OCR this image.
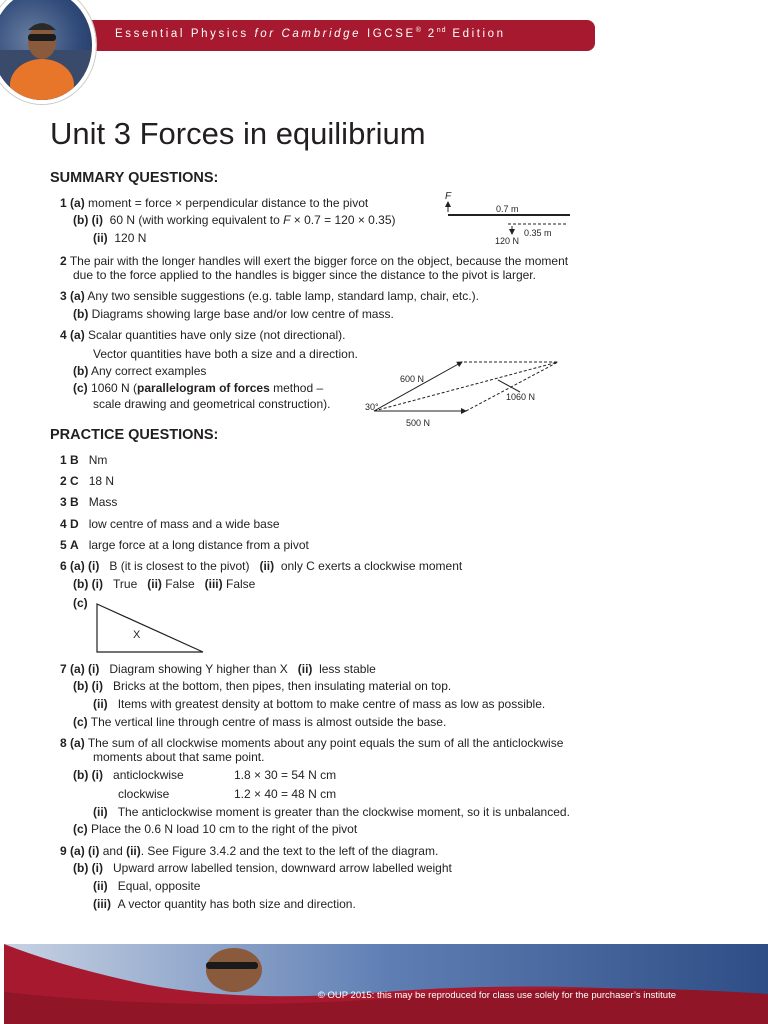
Essential Physics for Cambridge IGCSE® 2nd Edition
Unit 3 Forces in equilibrium
SUMMARY QUESTIONS:
1 (a) moment = force × perpendicular distance to the pivot
(b) (i) 60 N (with working equivalent to F × 0.7 = 120 × 0.35)
(ii) 120 N
F
0.7 m
0.35 m
120 N
2 The pair with the longer handles will exert the bigger force on the object, because the moment
due to the force applied to the handles is bigger since the distance to the pivot is larger.
3 (a) Any two sensible suggestions (e.g. table lamp, standard lamp, chair, etc.).
(b) Diagrams showing large base and/or low centre of mass.
4 (a) Scalar quantities have only size (not directional).
Vector quantities have both a size and a direction.
(b) Any correct examples
(c) 1060 N (parallelogram of forces method –
scale drawing and geometrical construction).
600 N
500 N
30°
1060 N
PRACTICE QUESTIONS:
1 B Nm
2 C 18 N
3 B Mass
4 D low centre of mass and a wide base
5 A large force at a long distance from a pivot
6 (a) (i) B (it is closest to the pivot) (ii) only C exerts a clockwise moment
(b) (i) True (ii) False (iii) False
(c)
X
7 (a) (i) Diagram showing Y higher than X (ii) less stable
(b) (i) Bricks at the bottom, then pipes, then insulating material on top.
(ii) Items with greatest density at bottom to make centre of mass as low as possible.
(c) The vertical line through centre of mass is almost outside the base.
8 (a) The sum of all clockwise moments about any point equals the sum of all the anticlockwise
moments about that same point.
(b) (i) anticlockwise	1.8 × 30 = 54 N cm
clockwise	1.2 × 40 = 48 N cm
(ii) The anticlockwise moment is greater than the clockwise moment, so it is unbalanced.
(c) Place the 0.6 N load 10 cm to the right of the pivot
9 (a) (i) and (ii). See Figure 3.4.2 and the text to the left of the diagram.
(b) (i) Upward arrow labelled tension, downward arrow labelled weight
(ii) Equal, opposite
(iii) A vector quantity has both size and direction.
© OUP 2015: this may be reproduced for class use solely for the purchaser’s institute
